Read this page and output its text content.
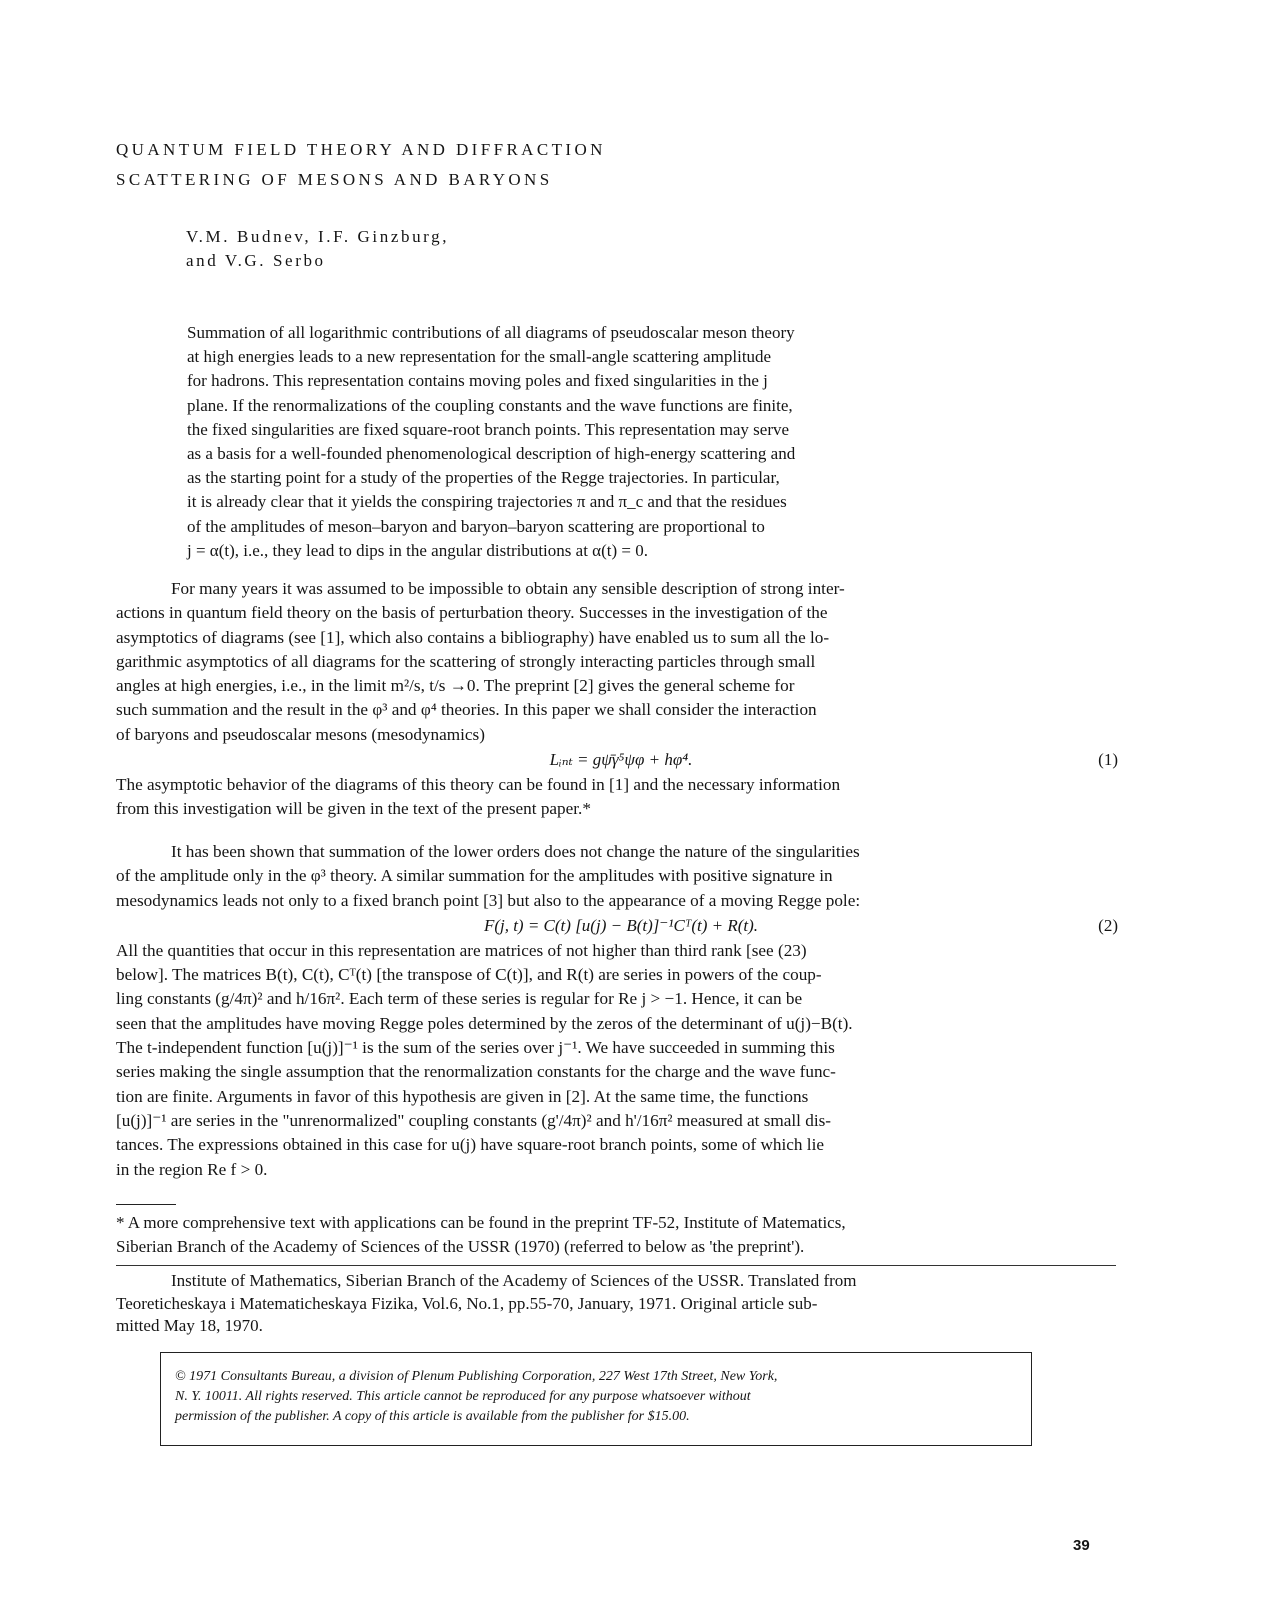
QUANTUM FIELD THEORY AND DIFFRACTION
SCATTERING OF MESONS AND BARYONS
V.M. Budnev, I.F. Ginzburg,
and V.G. Serbo
Summation of all logarithmic contributions of all diagrams of pseudoscalar meson theory
at high energies leads to a new representation for the small-angle scattering amplitude
for hadrons. This representation contains moving poles and fixed singularities in the j
plane. If the renormalizations of the coupling constants and the wave functions are finite,
the fixed singularities are fixed square-root branch points. This representation may serve
as a basis for a well-founded phenomenological description of high-energy scattering and
as the starting point for a study of the properties of the Regge trajectories. In particular,
it is already clear that it yields the conspiring trajectories π and π_c and that the residues
of the amplitudes of meson–baryon and baryon–baryon scattering are proportional to
j = α(t), i.e., they lead to dips in the angular distributions at α(t) = 0.
For many years it was assumed to be impossible to obtain any sensible description of strong inter-
actions in quantum field theory on the basis of perturbation theory. Successes in the investigation of the
asymptotics of diagrams (see [1], which also contains a bibliography) have enabled us to sum all the lo-
garithmic asymptotics of all diagrams for the scattering of strongly interacting particles through small
angles at high energies, i.e., in the limit m²/s, t/s →0. The preprint [2] gives the general scheme for
such summation and the result in the φ³ and φ⁴ theories. In this paper we shall consider the interaction
of baryons and pseudoscalar mesons (mesodynamics)
Lᵢₙₜ = gψ̄γ⁵ψφ + hφ⁴.	(1)
The asymptotic behavior of the diagrams of this theory can be found in [1] and the necessary information
from this investigation will be given in the text of the present paper.*
It has been shown that summation of the lower orders does not change the nature of the singularities
of the amplitude only in the φ³ theory. A similar summation for the amplitudes with positive signature in
mesodynamics leads not only to a fixed branch point [3] but also to the appearance of a moving Regge pole:
F(j, t) = C(t) [u(j) − B(t)]⁻¹Cᵀ(t) + R(t).	(2)
All the quantities that occur in this representation are matrices of not higher than third rank [see (23)
below]. The matrices B(t), C(t), Cᵀ(t) [the transpose of C(t)], and R(t) are series in powers of the coup-
ling constants (g/4π)² and h/16π². Each term of these series is regular for Re j > −1. Hence, it can be
seen that the amplitudes have moving Regge poles determined by the zeros of the determinant of u(j)−B(t).
The t-independent function [u(j)]⁻¹ is the sum of the series over j⁻¹. We have succeeded in summing this
series making the single assumption that the renormalization constants for the charge and the wave func-
tion are finite. Arguments in favor of this hypothesis are given in [2]. At the same time, the functions
[u(j)]⁻¹ are series in the "unrenormalized" coupling constants (g'/4π)² and h'/16π² measured at small dis-
tances. The expressions obtained in this case for u(j) have square-root branch points, some of which lie
in the region Re f > 0.
* A more comprehensive text with applications can be found in the preprint TF-52, Institute of Matematics,
Siberian Branch of the Academy of Sciences of the USSR (1970) (referred to below as 'the preprint').
Institute of Mathematics, Siberian Branch of the Academy of Sciences of the USSR. Translated from
Teoreticheskaya i Matematicheskaya Fizika, Vol.6, No.1, pp.55-70, January, 1971. Original article sub-
mitted May 18, 1970.
© 1971 Consultants Bureau, a division of Plenum Publishing Corporation, 227 West 17th Street, New York,
N. Y. 10011. All rights reserved. This article cannot be reproduced for any purpose whatsoever without
permission of the publisher. A copy of this article is available from the publisher for $15.00.
39
